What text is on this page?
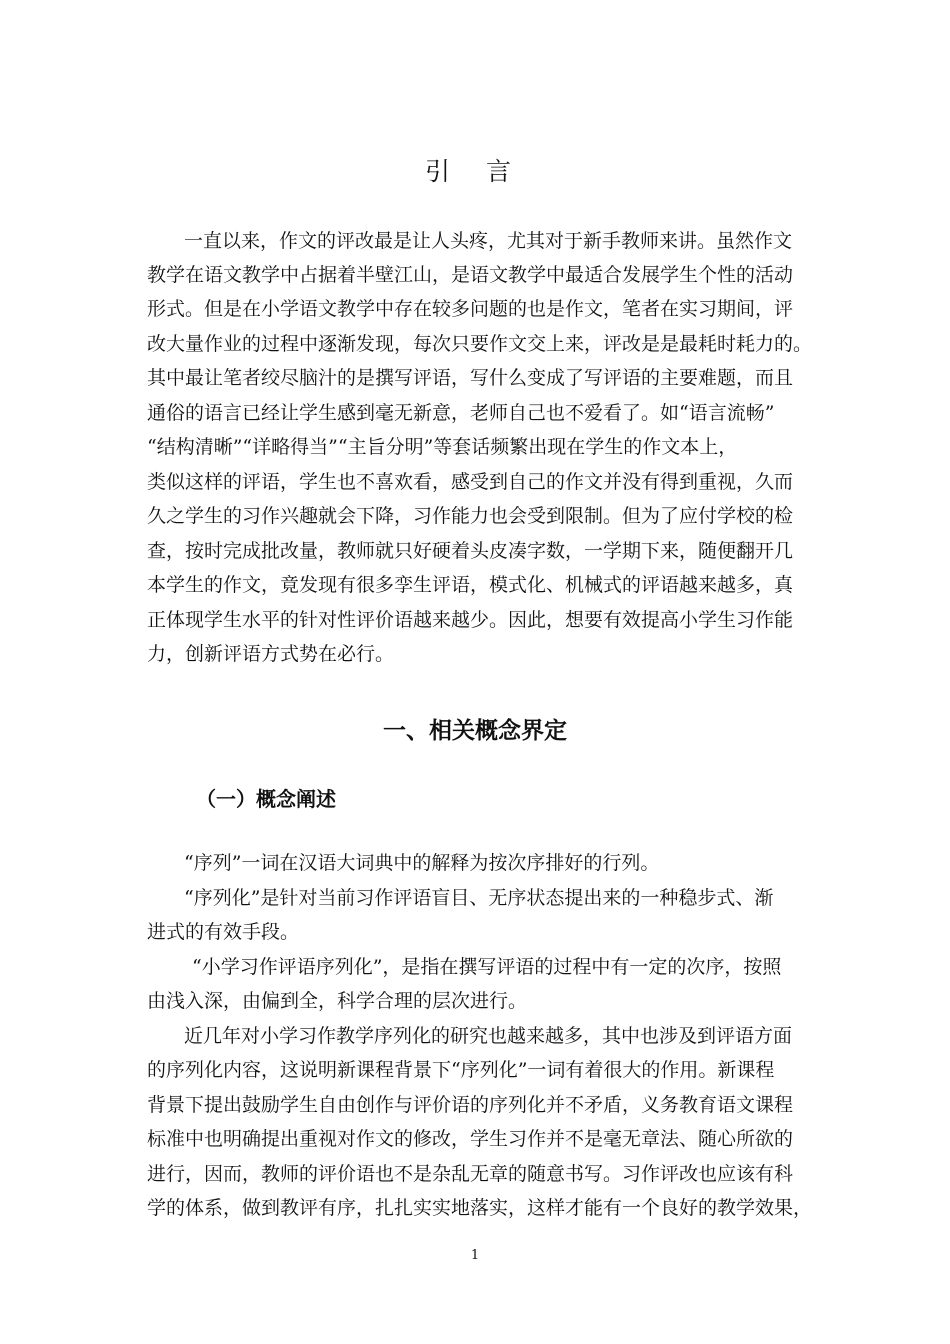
引 言
一直以来，作文的评改最是让人头疼，尤其对于新手教师来讲。虽然作文
教学在语文教学中占据着半壁江山，是语文教学中最适合发展学生个性的活动
形式。但是在小学语文教学中存在较多问题的也是作文，笔者在实习期间，评
改大量作业的过程中逐渐发现，每次只要作文交上来，评改是是最耗时耗力的。
其中最让笔者绞尽脑汁的是撰写评语，写什么变成了写评语的主要难题，而且
通俗的语言已经让学生感到毫无新意，老师自己也不爱看了。如“语言流畅”
“结构清晰”“详略得当”“主旨分明”等套话频繁出现在学生的作文本上，
类似这样的评语，学生也不喜欢看，感受到自己的作文并没有得到重视，久而
久之学生的习作兴趣就会下降，习作能力也会受到限制。但为了应付学校的检
查，按时完成批改量，教师就只好硬着头皮凑字数，一学期下来，随便翻开几
本学生的作文，竟发现有很多孪生评语，模式化、机械式的评语越来越多，真
正体现学生水平的针对性评价语越来越少。因此，想要有效提高小学生习作能
力，创新评语方式势在必行。
一、相关概念界定
（一）概念阐述
“序列”一词在汉语大词典中的解释为按次序排好的行列。
“序列化”是针对当前习作评语盲目、无序状态提出来的一种稳步式、渐
进式的有效手段。
“小学习作评语序列化”，是指在撰写评语的过程中有一定的次序，按照
由浅入深，由偏到全，科学合理的层次进行。
近几年对小学习作教学序列化的研究也越来越多，其中也涉及到评语方面
的序列化内容，这说明新课程背景下“序列化”一词有着很大的作用。新课程
背景下提出鼓励学生自由创作与评价语的序列化并不矛盾，义务教育语文课程
标准中也明确提出重视对作文的修改，学生习作并不是毫无章法、随心所欲的
进行，因而，教师的评价语也不是杂乱无章的随意书写。习作评改也应该有科
学的体系，做到教评有序，扎扎实实地落实，这样才能有一个良好的教学效果，
1
